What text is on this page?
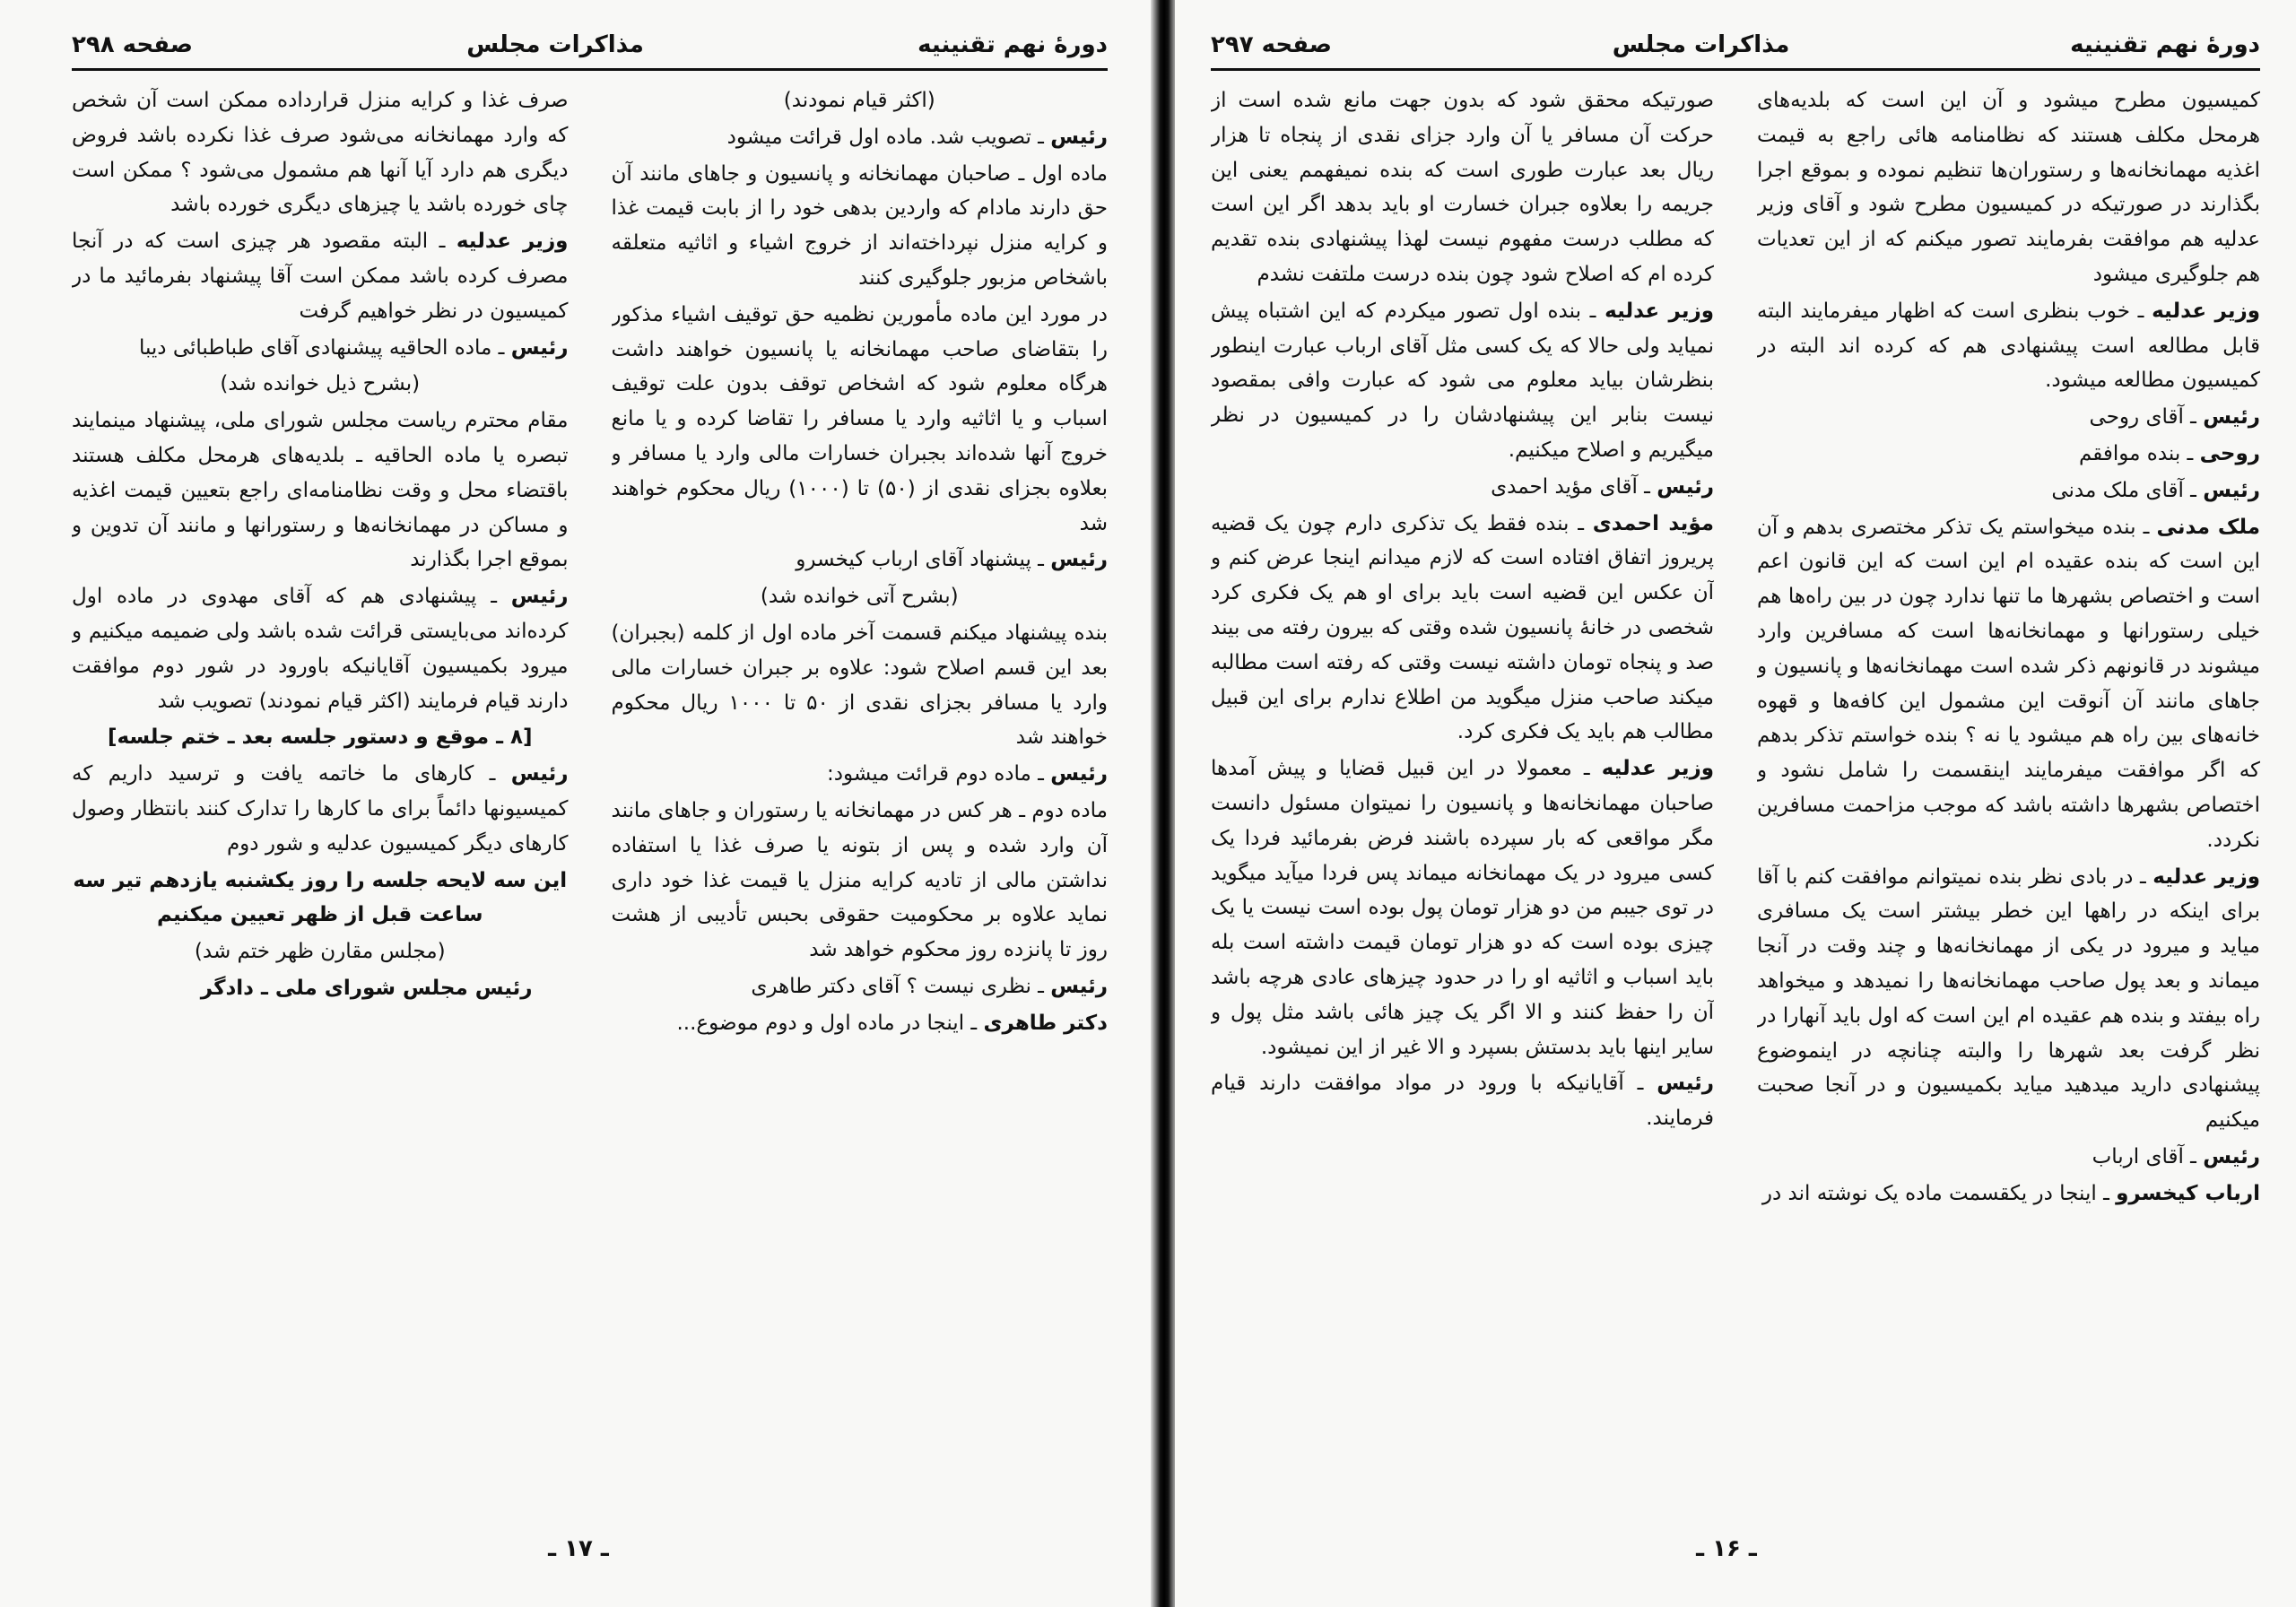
دورهٔ نهم تقنینیه
مذاکرات مجلس
صفحه ۲۹۸

(اکثر قیام نمودند)

رئیس ـ تصویب شد. ماده اول قرائت میشود

ماده اول ـ صاحبان مهمانخانه و پانسیون و جاهای مانند آن حق دارند مادام که واردین بدهی خود را از بابت قیمت غذا و کرایه منزل نپرداخته‌اند از خروج اشیاء و اثاثیه متعلقه باشخاص مزبور جلوگیری کنند

در مورد این ماده مأمورین نظمیه حق توقیف اشیاء مذکور را بتقاضای صاحب مهمانخانه یا پانسیون خواهند داشت هرگاه معلوم شود که اشخاص توقف بدون علت توقیف اسباب و یا اثاثیه وارد یا مسافر را تقاضا کرده و یا مانع خروج آنها شده‌اند بجبران خسارات مالی وارد یا مسافر و بعلاوه بجزای نقدی از (۵۰) تا (۱۰۰۰) ریال محکوم خواهند شد

رئیس ـ پیشنهاد آقای ارباب کیخسرو

(بشرح آتی خوانده شد)

بنده پیشنهاد میکنم قسمت آخر ماده اول از کلمه (بجبران) بعد این قسم اصلاح شود: علاوه بر جبران خسارات مالی وارد یا مسافر بجزای نقدی از ۵۰ تا ۱۰۰۰ ریال محکوم خواهند شد

رئیس ـ ماده دوم قرائت میشود:

ماده دوم ـ هر کس در مهمانخانه یا رستوران و جاهای مانند آن وارد شده و پس از بتونه یا صرف غذا یا استفاده نداشتن مالی از تادیه کرایه منزل یا قیمت غذا خود داری نماید علاوه بر محکومیت حقوقی بحبس تأدیبی از هشت روز تا پانزده روز محکوم خواهد شد

رئیس ـ نظری نیست ؟ آقای دکتر طاهری

دکتر طاهری ـ اینجا در ماده اول و دوم موضوع...

صرف غذا و کرایه منزل قرارداده ممکن است آن شخص که وارد مهمانخانه می‌شود صرف غذا نکرده باشد فروض دیگری هم دارد آیا آنها هم مشمول می‌شود ؟ ممکن است چای خورده باشد یا چیزهای دیگری خورده باشد

وزیر عدلیه ـ البته مقصود هر چیزی است که در آنجا مصرف کرده باشد ممکن است آقا پیشنهاد بفرمائید ما در کمیسیون در نظر خواهیم گرفت

رئیس ـ ماده الحاقیه پیشنهادی آقای طباطبائی دیبا

(بشرح ذیل خوانده شد)

مقام محترم ریاست مجلس شورای ملی، پیشنهاد مینمایند تبصره یا ماده الحاقیه ـ بلدیه‌های هرمحل مکلف هستند باقتضاء محل و وقت نظامنامه‌ای راجع بتعیین قیمت اغذیه و مساکن در مهمانخانه‌ها و رستورانها و مانند آن تدوین و بموقع اجرا بگذارند

رئیس ـ پیشنهادی هم که آقای مهدوی در ماده اول کرده‌اند می‌بایستی قرائت شده باشد ولی ضمیمه میکنیم و میرود بکمیسیون آقایانیکه باورود در شور دوم موافقت دارند قیام فرمایند (اکثر قیام نمودند) تصویب شد

[۸ ـ موقع و دستور جلسه بعد ـ ختم جلسه]

رئیس ـ کارهای ما خاتمه یافت و ترسید داریم که کمیسیونها دائماً برای ما کارها را تدارک کنند بانتظار وصول کارهای دیگر کمیسیون عدلیه و شور دوم

این سه لایحه جلسه را روز یکشنبه یازدهم تیر سه ساعت قبل از ظهر تعیین میکنیم

(مجلس مقارن ظهر ختم شد)

رئیس مجلس شورای ملی ـ دادگر

ـ ۱۷ ـ
دورهٔ نهم تقنینیه
مذاکرات مجلس
صفحه ۲۹۷

کمیسیون مطرح میشود و آن این است که بلدیه‌های هرمحل مکلف هستند که نظامنامه هائی راجع به قیمت اغذیه مهمانخانه‌ها و رستوران‌ها تنظیم نموده و بموقع اجرا بگذارند در صورتیکه در کمیسیون مطرح شود و آقای وزیر عدلیه هم موافقت بفرمایند تصور میکنم که از این تعدیات هم جلوگیری میشود

وزیر عدلیه ـ خوب بنظری است که اظهار میفرمایند البته قابل مطالعه است پیشنهادی هم که کرده اند البته در کمیسیون مطالعه میشود.

رئیس ـ آقای روحی

روحی ـ بنده موافقم

رئیس ـ آقای ملک مدنی

ملک مدنی ـ بنده میخواستم یک تذکر مختصری بدهم و آن این است که بنده عقیده ام این است که این قانون اعم است و اختصاص بشهرها ما تنها ندارد چون در بین راه‌ها هم خیلی رستورانها و مهمانخانه‌ها است که مسافرین وارد میشوند در قانونهم ذکر شده است مهمانخانه‌ها و پانسیون و جاهای مانند آن آنوقت این مشمول این کافه‌ها و قهوه خانه‌های بین راه هم میشود یا نه ؟ بنده خواستم تذکر بدهم که اگر موافقت میفرمایند اینقسمت را شامل نشود و اختصاص بشهرها داشته باشد که موجب مزاحمت مسافرین نکردد.

وزیر عدلیه ـ در بادی نظر بنده نمیتوانم موافقت کنم با آقا برای اینکه در راهها این خطر بیشتر است یک مسافری میاید و میرود در یکی از مهمانخانه‌ها و چند وقت در آنجا میماند و بعد پول صاحب مهمانخانه‌ها را نمیدهد و میخواهد راه بیفتد و بنده هم عقیده ام این است که اول باید آنهارا در نظر گرفت بعد شهرها را والبته چنانچه در اینموضوع پیشنهادی دارید میدهید میاید بکمیسیون و در آنجا صحبت میکنیم

رئیس ـ آقای ارباب

ارباب کیخسرو ـ اینجا در یکقسمت ماده یک نوشته اند در

صورتیکه محقق شود که بدون جهت مانع شده است از حرکت آن مسافر یا آن وارد جزای نقدی از پنجاه تا هزار ریال بعد عبارت طوری است که بنده نمیفهمم یعنی این جریمه را بعلاوه جبران خسارت او باید بدهد اگر این است که مطلب درست مفهوم نیست لهذا پیشنهادی بنده تقدیم کرده ام که اصلاح شود چون بنده درست ملتفت نشدم

وزیر عدلیه ـ بنده اول تصور میکردم که این اشتباه پیش نمیاید ولی حالا که یک کسی مثل آقای ارباب عبارت اینطور بنظرشان بیاید معلوم می شود که عبارت وافی بمقصود نیست بنابر این پیشنهادشان را در کمیسیون در نظر میگیریم و اصلاح میکنیم.

رئیس ـ آقای مؤید احمدی

مؤید احمدی ـ بنده فقط یک تذکری دارم چون یک قضیه پریروز اتفاق افتاده است که لازم میدانم اینجا عرض کنم و آن عکس این قضیه است باید برای او هم یک فکری کرد شخصی در خانهٔ پانسیون شده وقتی که بیرون رفته می بیند صد و پنجاه تومان داشته نیست وقتی که رفته است مطالبه میکند صاحب منزل میگوید من اطلاع ندارم برای این قبیل مطالب هم باید یک فکری کرد.

وزیر عدلیه ـ معمولا در این قبیل قضایا و پیش آمدها صاحبان مهمانخانه‌ها و پانسیون را نمیتوان مسئول دانست مگر مواقعی که بار سپرده باشند فرض بفرمائید فردا یک کسی میرود در یک مهمانخانه میماند پس فردا میآید میگوید در توی جیبم من دو هزار تومان پول بوده است نیست یا یک چیزی بوده است که دو هزار تومان قیمت داشته است بله باید اسباب و اثاثیه او را در حدود چیزهای عادی هرچه باشد آن را حفظ کنند و الا اگر یک چیز هائی باشد مثل پول و سایر اینها باید بدستش بسپرد و الا غیر از این نمیشود.

رئیس ـ آقایانیکه با ورود در مواد موافقت دارند قیام فرمایند.

ـ ۱۶ ـ
